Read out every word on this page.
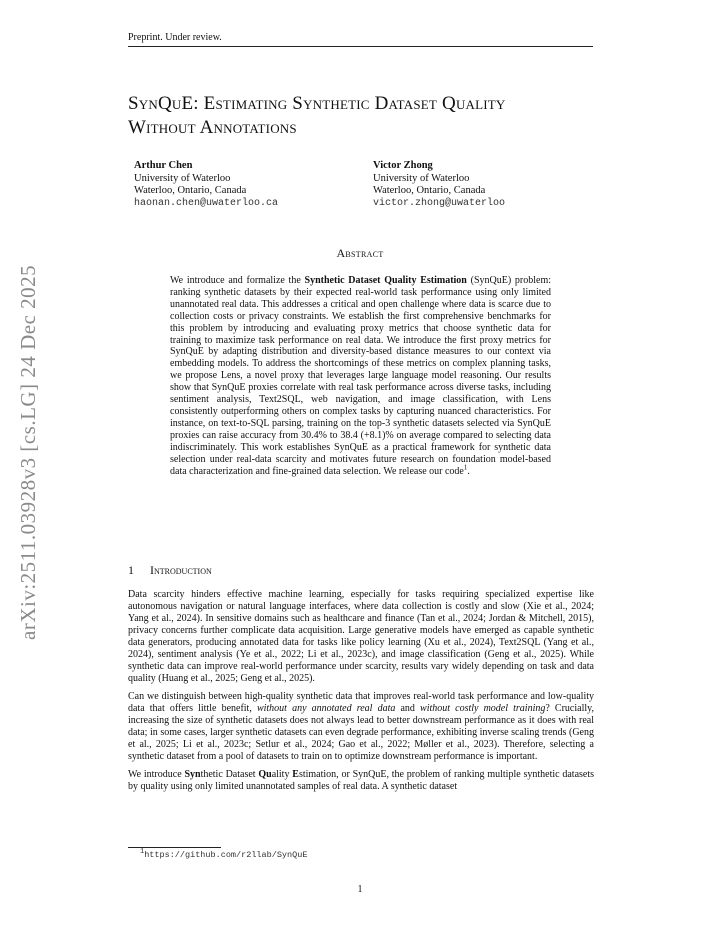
arXiv:2511.03928v3 [cs.LG] 24 Dec 2025
Preprint. Under review.
SynQuE: Estimating Synthetic Dataset Quality
Without Annotations
Arthur Chen
University of Waterloo
Waterloo, Ontario, Canada
haonan.chen@uwaterloo.ca
Victor Zhong
University of Waterloo
Waterloo, Ontario, Canada
victor.zhong@uwaterloo
Abstract

We introduce and formalize the Synthetic Dataset Quality Estimation (SynQuE) problem: ranking synthetic datasets by their expected real-world task performance using only limited unannotated real data. This addresses a critical and open challenge where data is scarce due to collection costs or privacy constraints. We establish the first comprehensive benchmarks for this problem by introducing and evaluating proxy metrics that choose synthetic data for training to maximize task performance on real data. We introduce the first proxy metrics for SynQuE by adapting distribution and diversity-based distance measures to our context via embedding models. To address the shortcomings of these metrics on complex planning tasks, we propose Lens, a novel proxy that leverages large language model reasoning. Our results show that SynQuE proxies correlate with real task performance across diverse tasks, including sentiment analysis, Text2SQL, web navigation, and image classification, with Lens consistently outperforming others on complex tasks by capturing nuanced characteristics. For instance, on text-to-SQL parsing, training on the top-3 synthetic datasets selected via SynQuE proxies can raise accuracy from 30.4% to 38.4 (+8.1)% on average compared to selecting data indiscriminately. This work establishes SynQuE as a practical framework for synthetic data selection under real-data scarcity and motivates future research on foundation model-based data characterization and fine-grained data selection. We release our code$^1$.

1 Introduction

Data scarcity hinders effective machine learning, especially for tasks requiring specialized expertise like autonomous navigation or natural language interfaces, where data collection is costly and slow (Xie et al., 2024; Yang et al., 2024). In sensitive domains such as healthcare and finance (Tan et al., 2024; Jordan & Mitchell, 2015), privacy concerns further complicate data acquisition. Large generative models have emerged as capable synthetic data generators, producing annotated data for tasks like policy learning (Xu et al., 2024), Text2SQL (Yang et al., 2024), sentiment analysis (Ye et al., 2022; Li et al., 2023c), and image classification (Geng et al., 2025). While synthetic data can improve real-world performance under scarcity, results vary widely depending on task and data quality (Huang et al., 2025; Geng et al., 2025).

Can we distinguish between high-quality synthetic data that improves real-world task performance and low-quality data that offers little benefit, without any annotated real data and without costly model training? Crucially, increasing the size of synthetic datasets does not always lead to better downstream performance as it does with real data; in some cases, larger synthetic datasets can even degrade performance, exhibiting inverse scaling trends (Geng et al., 2025; Li et al., 2023c; Setlur et al., 2024; Gao et al., 2022; Møller et al., 2023). Therefore, selecting a synthetic dataset from a pool of datasets to train on to optimize downstream performance is important.

We introduce Synthetic Dataset Quality Estimation, or SynQuE, the problem of ranking multiple synthetic datasets by quality using only limited unannotated samples of real data. A synthetic dataset

$^1$https://github.com/r2llab/SynQuE
1
